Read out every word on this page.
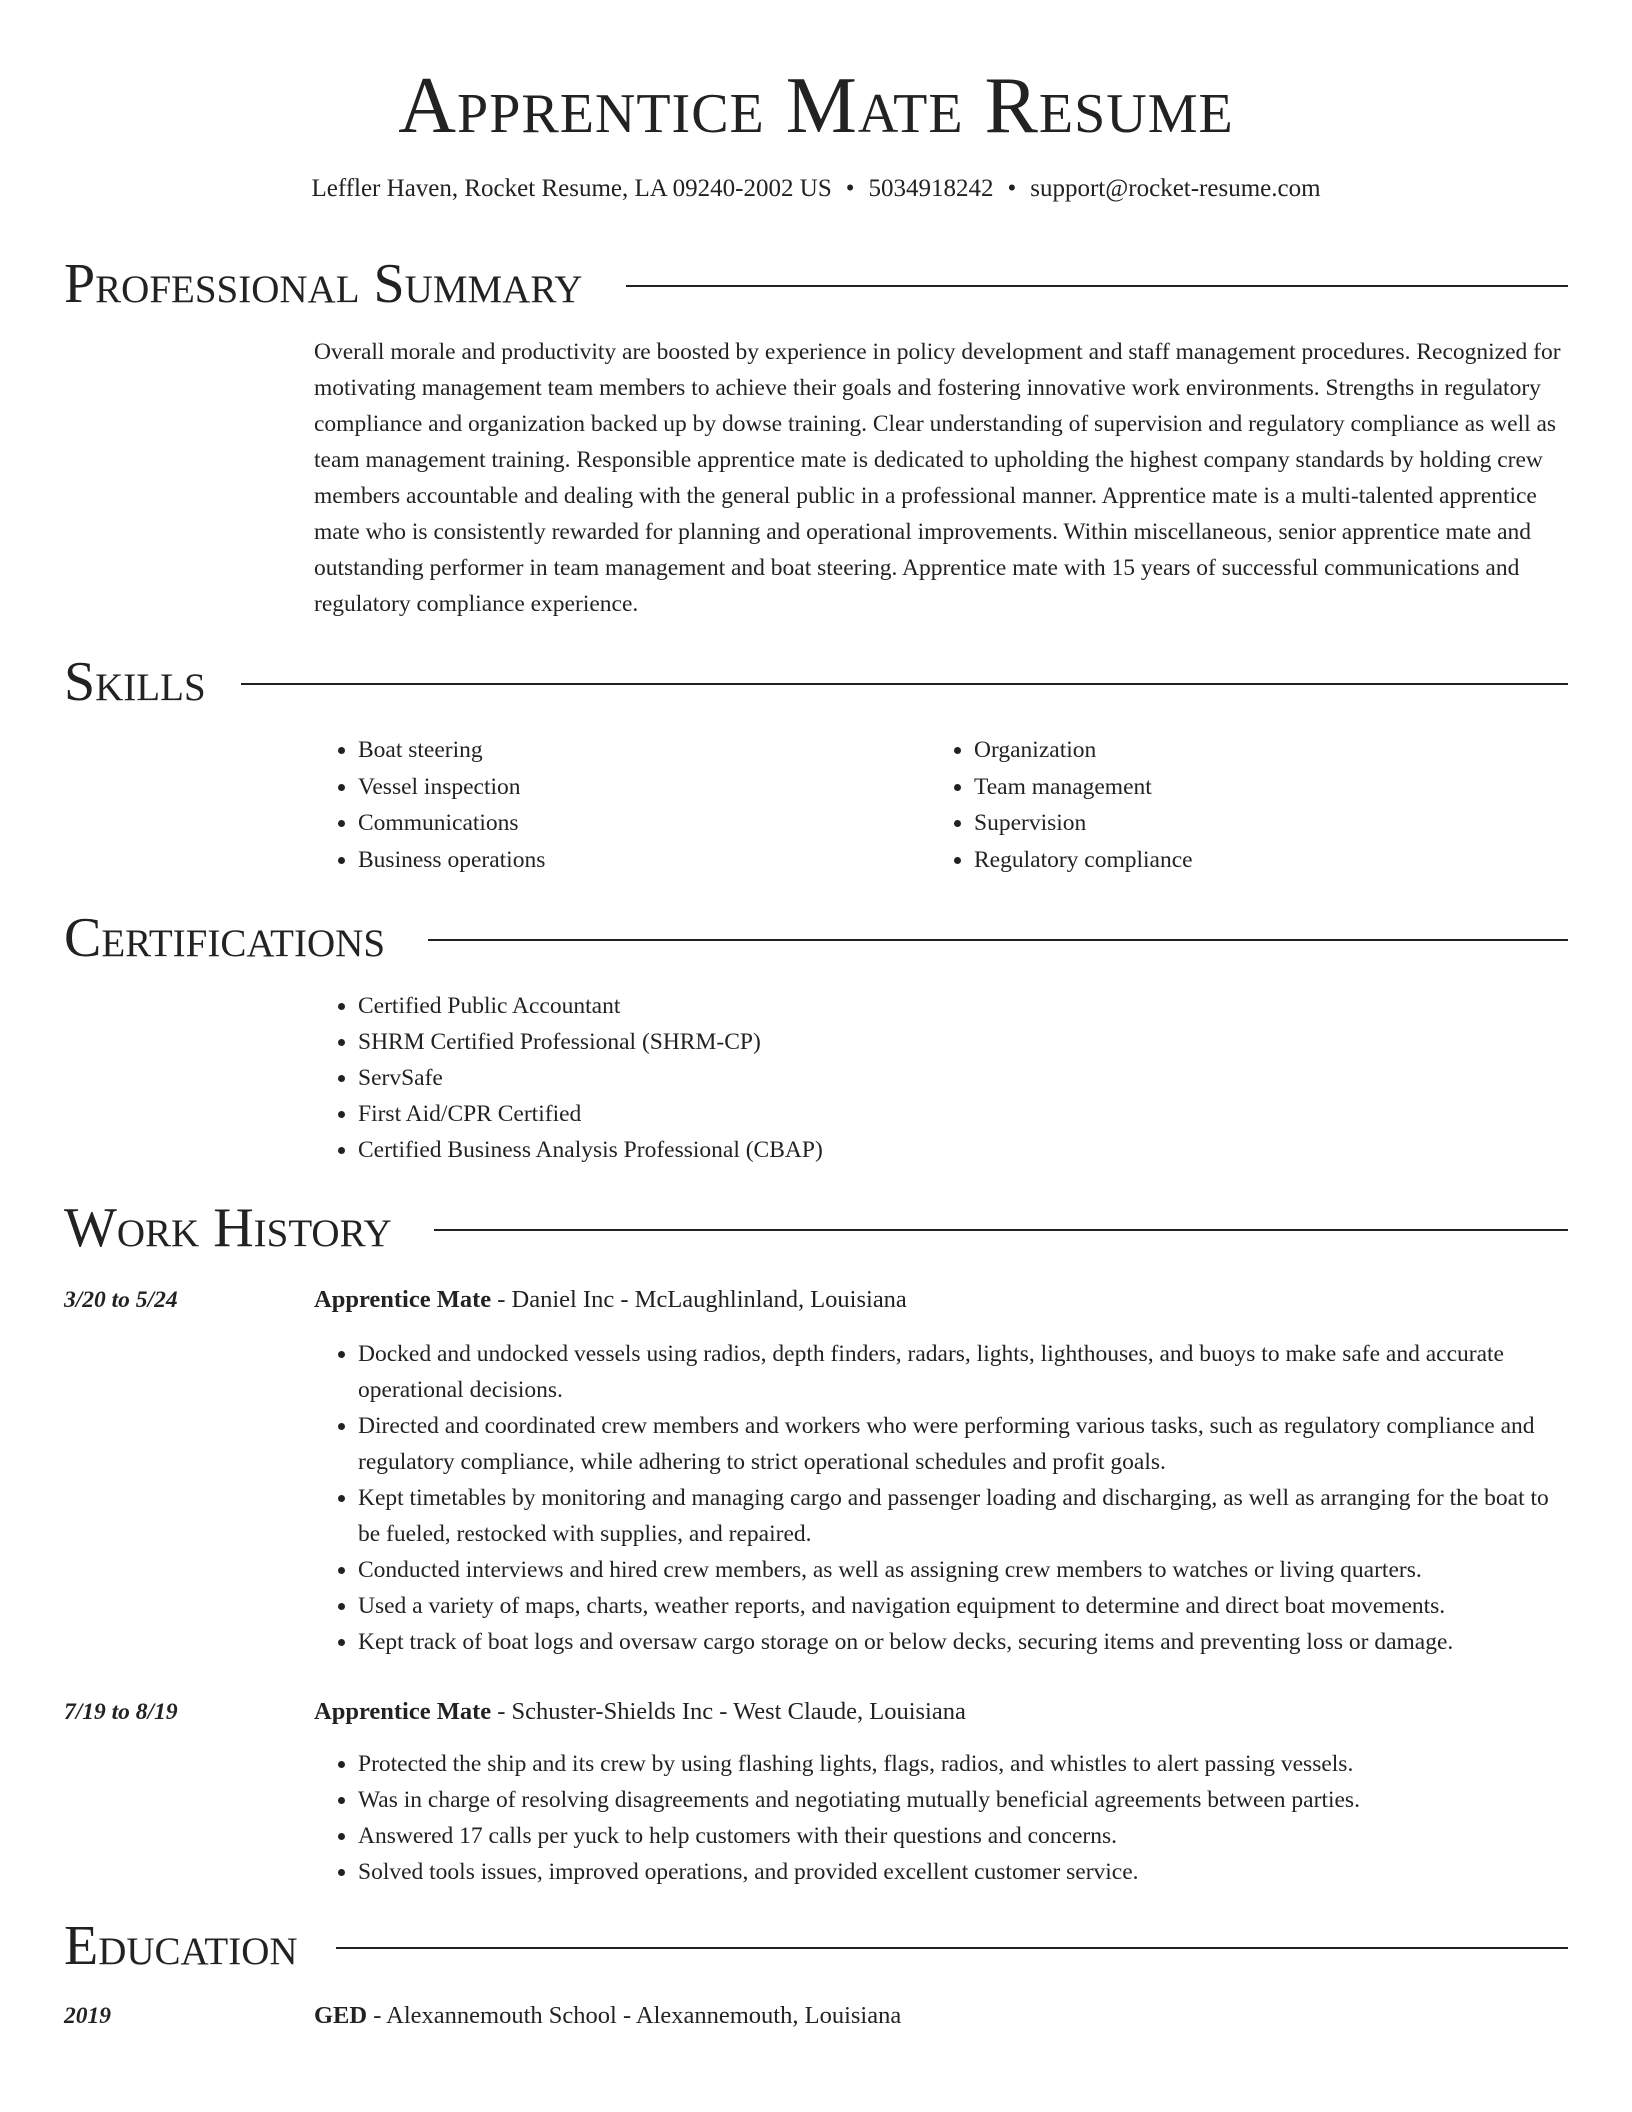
Apprentice Mate Resume
Leffler Haven, Rocket Resume, LA 09240-2002 US • 5034918242 • support@rocket-resume.com
Professional Summary

Overall morale and productivity are boosted by experience in policy development and staff management procedures. Recognized for motivating management team members to achieve their goals and fostering innovative work environments. Strengths in regulatory compliance and organization backed up by dowse training. Clear understanding of supervision and regulatory compliance as well as team management training. Responsible apprentice mate is dedicated to upholding the highest company standards by holding crew members accountable and dealing with the general public in a professional manner. Apprentice mate is a multi-talented apprentice mate who is consistently rewarded for planning and operational improvements. Within miscellaneous, senior apprentice mate and outstanding performer in team management and boat steering. Apprentice mate with 15 years of successful communications and regulatory compliance experience.

Skills
• Boat steering
• Vessel inspection
• Communications
• Business operations
• Organization
• Team management
• Supervision
• Regulatory compliance
Certifications
• Certified Public Accountant
• SHRM Certified Professional (SHRM-CP)
• ServSafe
• First Aid/CPR Certified
• Certified Business Analysis Professional (CBAP)
Work History
3/20 to 5/24	Apprentice Mate - Daniel Inc - McLaughlinland, Louisiana
• Docked and undocked vessels using radios, depth finders, radars, lights, lighthouses, and buoys to make safe and accurate operational decisions.
• Directed and coordinated crew members and workers who were performing various tasks, such as regulatory compliance and regulatory compliance, while adhering to strict operational schedules and profit goals.
• Kept timetables by monitoring and managing cargo and passenger loading and discharging, as well as arranging for the boat to be fueled, restocked with supplies, and repaired.
• Conducted interviews and hired crew members, as well as assigning crew members to watches or living quarters.
• Used a variety of maps, charts, weather reports, and navigation equipment to determine and direct boat movements.
• Kept track of boat logs and oversaw cargo storage on or below decks, securing items and preventing loss or damage.
7/19 to 8/19	Apprentice Mate - Schuster-Shields Inc - West Claude, Louisiana
• Protected the ship and its crew by using flashing lights, flags, radios, and whistles to alert passing vessels.
• Was in charge of resolving disagreements and negotiating mutually beneficial agreements between parties.
• Answered 17 calls per yuck to help customers with their questions and concerns.
• Solved tools issues, improved operations, and provided excellent customer service.
Education
2019	GED - Alexannemouth School - Alexannemouth, Louisiana
